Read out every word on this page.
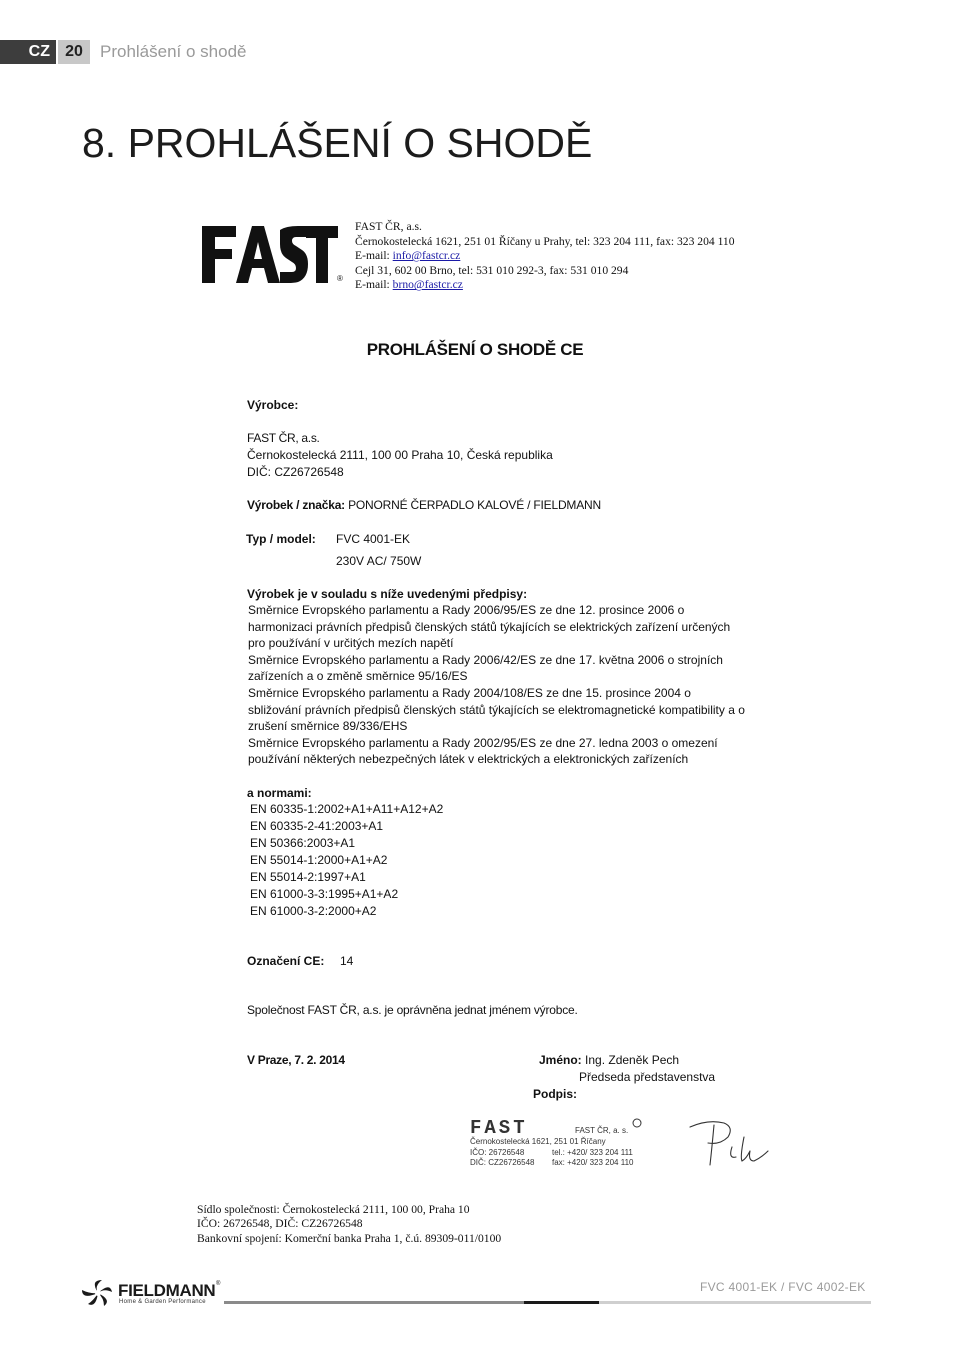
CZ 20	Prohlášení o shodě
8. PROHLÁŠENÍ O SHODĚ
®
FAST ČR, a.s.
Černokostelecká 1621, 251 01 Říčany u Prahy, tel: 323 204 111, fax: 323 204 110
E-mail: info@fastcr.cz
Cejl 31, 602 00 Brno, tel: 531 010 292-3, fax: 531 010 294
E-mail: brno@fastcr.cz
PROHLÁŠENÍ O SHODĚ CE
Výrobce:
FAST ČR, a.s.
Černokostelecká 2111, 100 00 Praha 10, Česká republika
DIČ: CZ26726548
Výrobek / značka: PONORNÉ ČERPADLO KALOVÉ / FIELDMANN
Typ / model: FVC 4001-EK
230V AC/ 750W
Výrobek je v souladu s níže uvedenými předpisy:
Směrnice Evropského parlamentu a Rady 2006/95/ES ze dne 12. prosince 2006 o
harmonizaci právních předpisů členských států týkajících se elektrických zařízení určených
pro používání v určitých mezích napětí
Směrnice Evropského parlamentu a Rady 2006/42/ES ze dne 17. května 2006 o strojních
zařízeních a o změně směrnice 95/16/ES
Směrnice Evropského parlamentu a Rady 2004/108/ES ze dne 15. prosince 2004 o
sbližování právních předpisů členských států týkajících se elektromagnetické kompatibility a o
zrušení směrnice 89/336/EHS
Směrnice Evropského parlamentu a Rady 2002/95/ES ze dne 27. ledna 2003 o omezení
používání některých nebezpečných látek v elektrických a elektronických zařízeních
a normami:
EN 60335-1:2002+A1+A11+A12+A2
EN 60335-2-41:2003+A1
EN 50366:2003+A1
EN 55014-1:2000+A1+A2
EN 55014-2:1997+A1
EN 61000-3-3:1995+A1+A2
EN 61000-3-2:2000+A2
Označení CE: 14
Společnost FAST ČR, a.s. je oprávněna jednat jménem výrobce.
V Praze, 7. 2. 2014	Jméno: Ing. Zdeněk Pech
Předseda představenstva
Podpis:
FAST	FAST ČR, a. s.
Černokostelecká 1621, 251 01 Říčany
IČO: 26726548
DIČ: CZ26726548
tel.: +420/ 323 204 111
fax: +420/ 323 204 110
Sídlo společnosti: Černokostelecká 2111, 100 00, Praha 10
IČO: 26726548, DIČ: CZ26726548
Bankovní spojení: Komerční banka Praha 1, č.ú. 89309-011/0100
FIELDMANN ®
Home & Garden Performance
FVC 4001-EK / FVC 4002-EK
